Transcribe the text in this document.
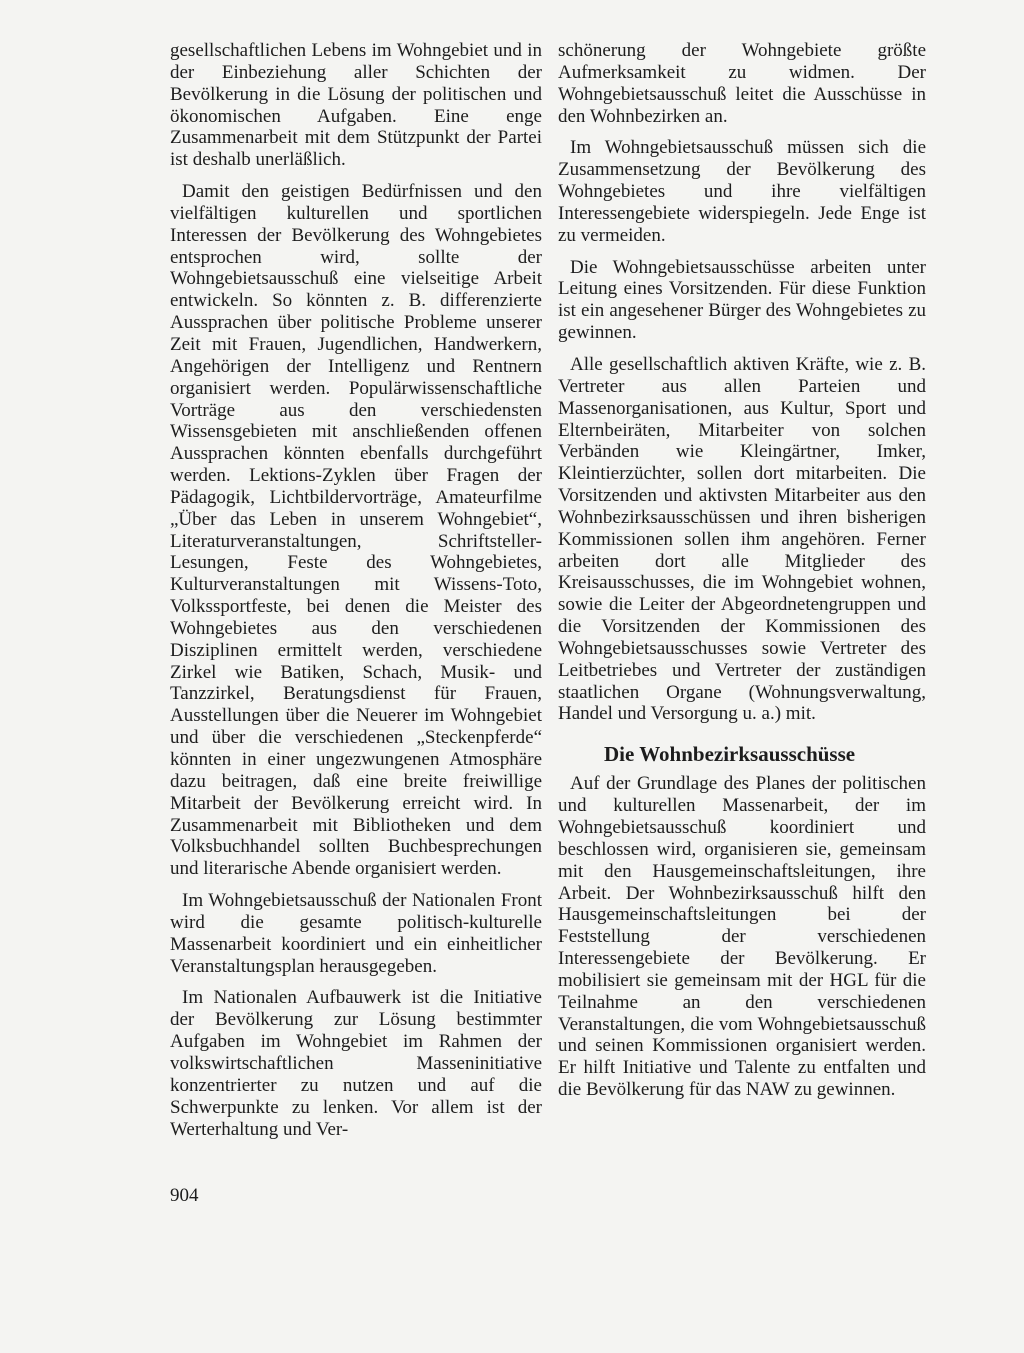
gesellschaftlichen Lebens im Wohngebiet und in der Einbeziehung aller Schichten der Bevölkerung in die Lösung der politischen und ökonomischen Aufgaben. Eine enge Zusammenarbeit mit dem Stützpunkt der Partei ist deshalb unerläßlich.

Damit den geistigen Bedürfnissen und den vielfältigen kulturellen und sportlichen Interessen der Bevölkerung des Wohngebietes entsprochen wird, sollte der Wohngebietsausschuß eine vielseitige Arbeit entwickeln. So könnten z. B. differenzierte Aussprachen über politische Probleme unserer Zeit mit Frauen, Jugendlichen, Handwerkern, Angehörigen der Intelligenz und Rentnern organisiert werden. Populärwissenschaftliche Vorträge aus den verschiedensten Wissensgebieten mit anschließenden offenen Aussprachen könnten ebenfalls durchgeführt werden. Lektions-Zyklen über Fragen der Pädagogik, Lichtbildervorträge, Amateurfilme „Über das Leben in unserem Wohngebiet“, Literaturveranstaltungen, Schriftsteller-Lesungen, Feste des Wohngebietes, Kulturveranstaltungen mit Wissens-Toto, Volkssportfeste, bei denen die Meister des Wohngebietes aus den verschiedenen Disziplinen ermittelt werden, verschiedene Zirkel wie Batiken, Schach, Musik- und Tanzzirkel, Beratungsdienst für Frauen, Ausstellungen über die Neuerer im Wohngebiet und über die verschiedenen „Steckenpferde“ könnten in einer ungezwungenen Atmosphäre dazu beitragen, daß eine breite freiwillige Mitarbeit der Bevölkerung erreicht wird. In Zusammenarbeit mit Bibliotheken und dem Volksbuchhandel sollten Buchbesprechungen und literarische Abende organisiert werden.

Im Wohngebietsausschuß der Nationalen Front wird die gesamte politisch-kulturelle Massenarbeit koordiniert und ein einheitlicher Veranstaltungsplan herausgegeben.

Im Nationalen Aufbauwerk ist die Initiative der Bevölkerung zur Lösung bestimmter Aufgaben im Wohngebiet im Rahmen der volkswirtschaftlichen Masseninitiative konzentrierter zu nutzen und auf die Schwerpunkte zu lenken. Vor allem ist der Werterhaltung und Ver-

schönerung der Wohngebiete größte Aufmerksamkeit zu widmen. Der Wohngebietsausschuß leitet die Ausschüsse in den Wohnbezirken an.

Im Wohngebietsausschuß müssen sich die Zusammensetzung der Bevölkerung des Wohngebietes und ihre vielfältigen Interessengebiete widerspiegeln. Jede Enge ist zu vermeiden.

Die Wohngebietsausschüsse arbeiten unter Leitung eines Vorsitzenden. Für diese Funktion ist ein angesehener Bürger des Wohngebietes zu gewinnen.

Alle gesellschaftlich aktiven Kräfte, wie z. B. Vertreter aus allen Parteien und Massenorganisationen, aus Kultur, Sport und Elternbeiräten, Mitarbeiter von solchen Verbänden wie Kleingärtner, Imker, Kleintierzüchter, sollen dort mitarbeiten. Die Vorsitzenden und aktivsten Mitarbeiter aus den Wohnbezirksausschüssen und ihren bisherigen Kommissionen sollen ihm angehören. Ferner arbeiten dort alle Mitglieder des Kreisausschusses, die im Wohngebiet wohnen, sowie die Leiter der Abgeordnetengruppen und die Vorsitzenden der Kommissionen des Wohngebietsausschusses sowie Vertreter des Leitbetriebes und Vertreter der zuständigen staatlichen Organe (Wohnungsverwaltung, Handel und Versorgung u. a.) mit.

Die Wohnbezirksausschüsse

Auf der Grundlage des Planes der politischen und kulturellen Massenarbeit, der im Wohngebietsausschuß koordiniert und beschlossen wird, organisieren sie, gemeinsam mit den Hausgemeinschaftsleitungen, ihre Arbeit. Der Wohnbezirksausschuß hilft den Hausgemeinschaftsleitungen bei der Feststellung der verschiedenen Interessengebiete der Bevölkerung. Er mobilisiert sie gemeinsam mit der HGL für die Teilnahme an den verschiedenen Veranstaltungen, die vom Wohngebietsausschuß und seinen Kommissionen organisiert werden. Er hilft Initiative und Talente zu entfalten und die Bevölkerung für das NAW zu gewinnen.

904
